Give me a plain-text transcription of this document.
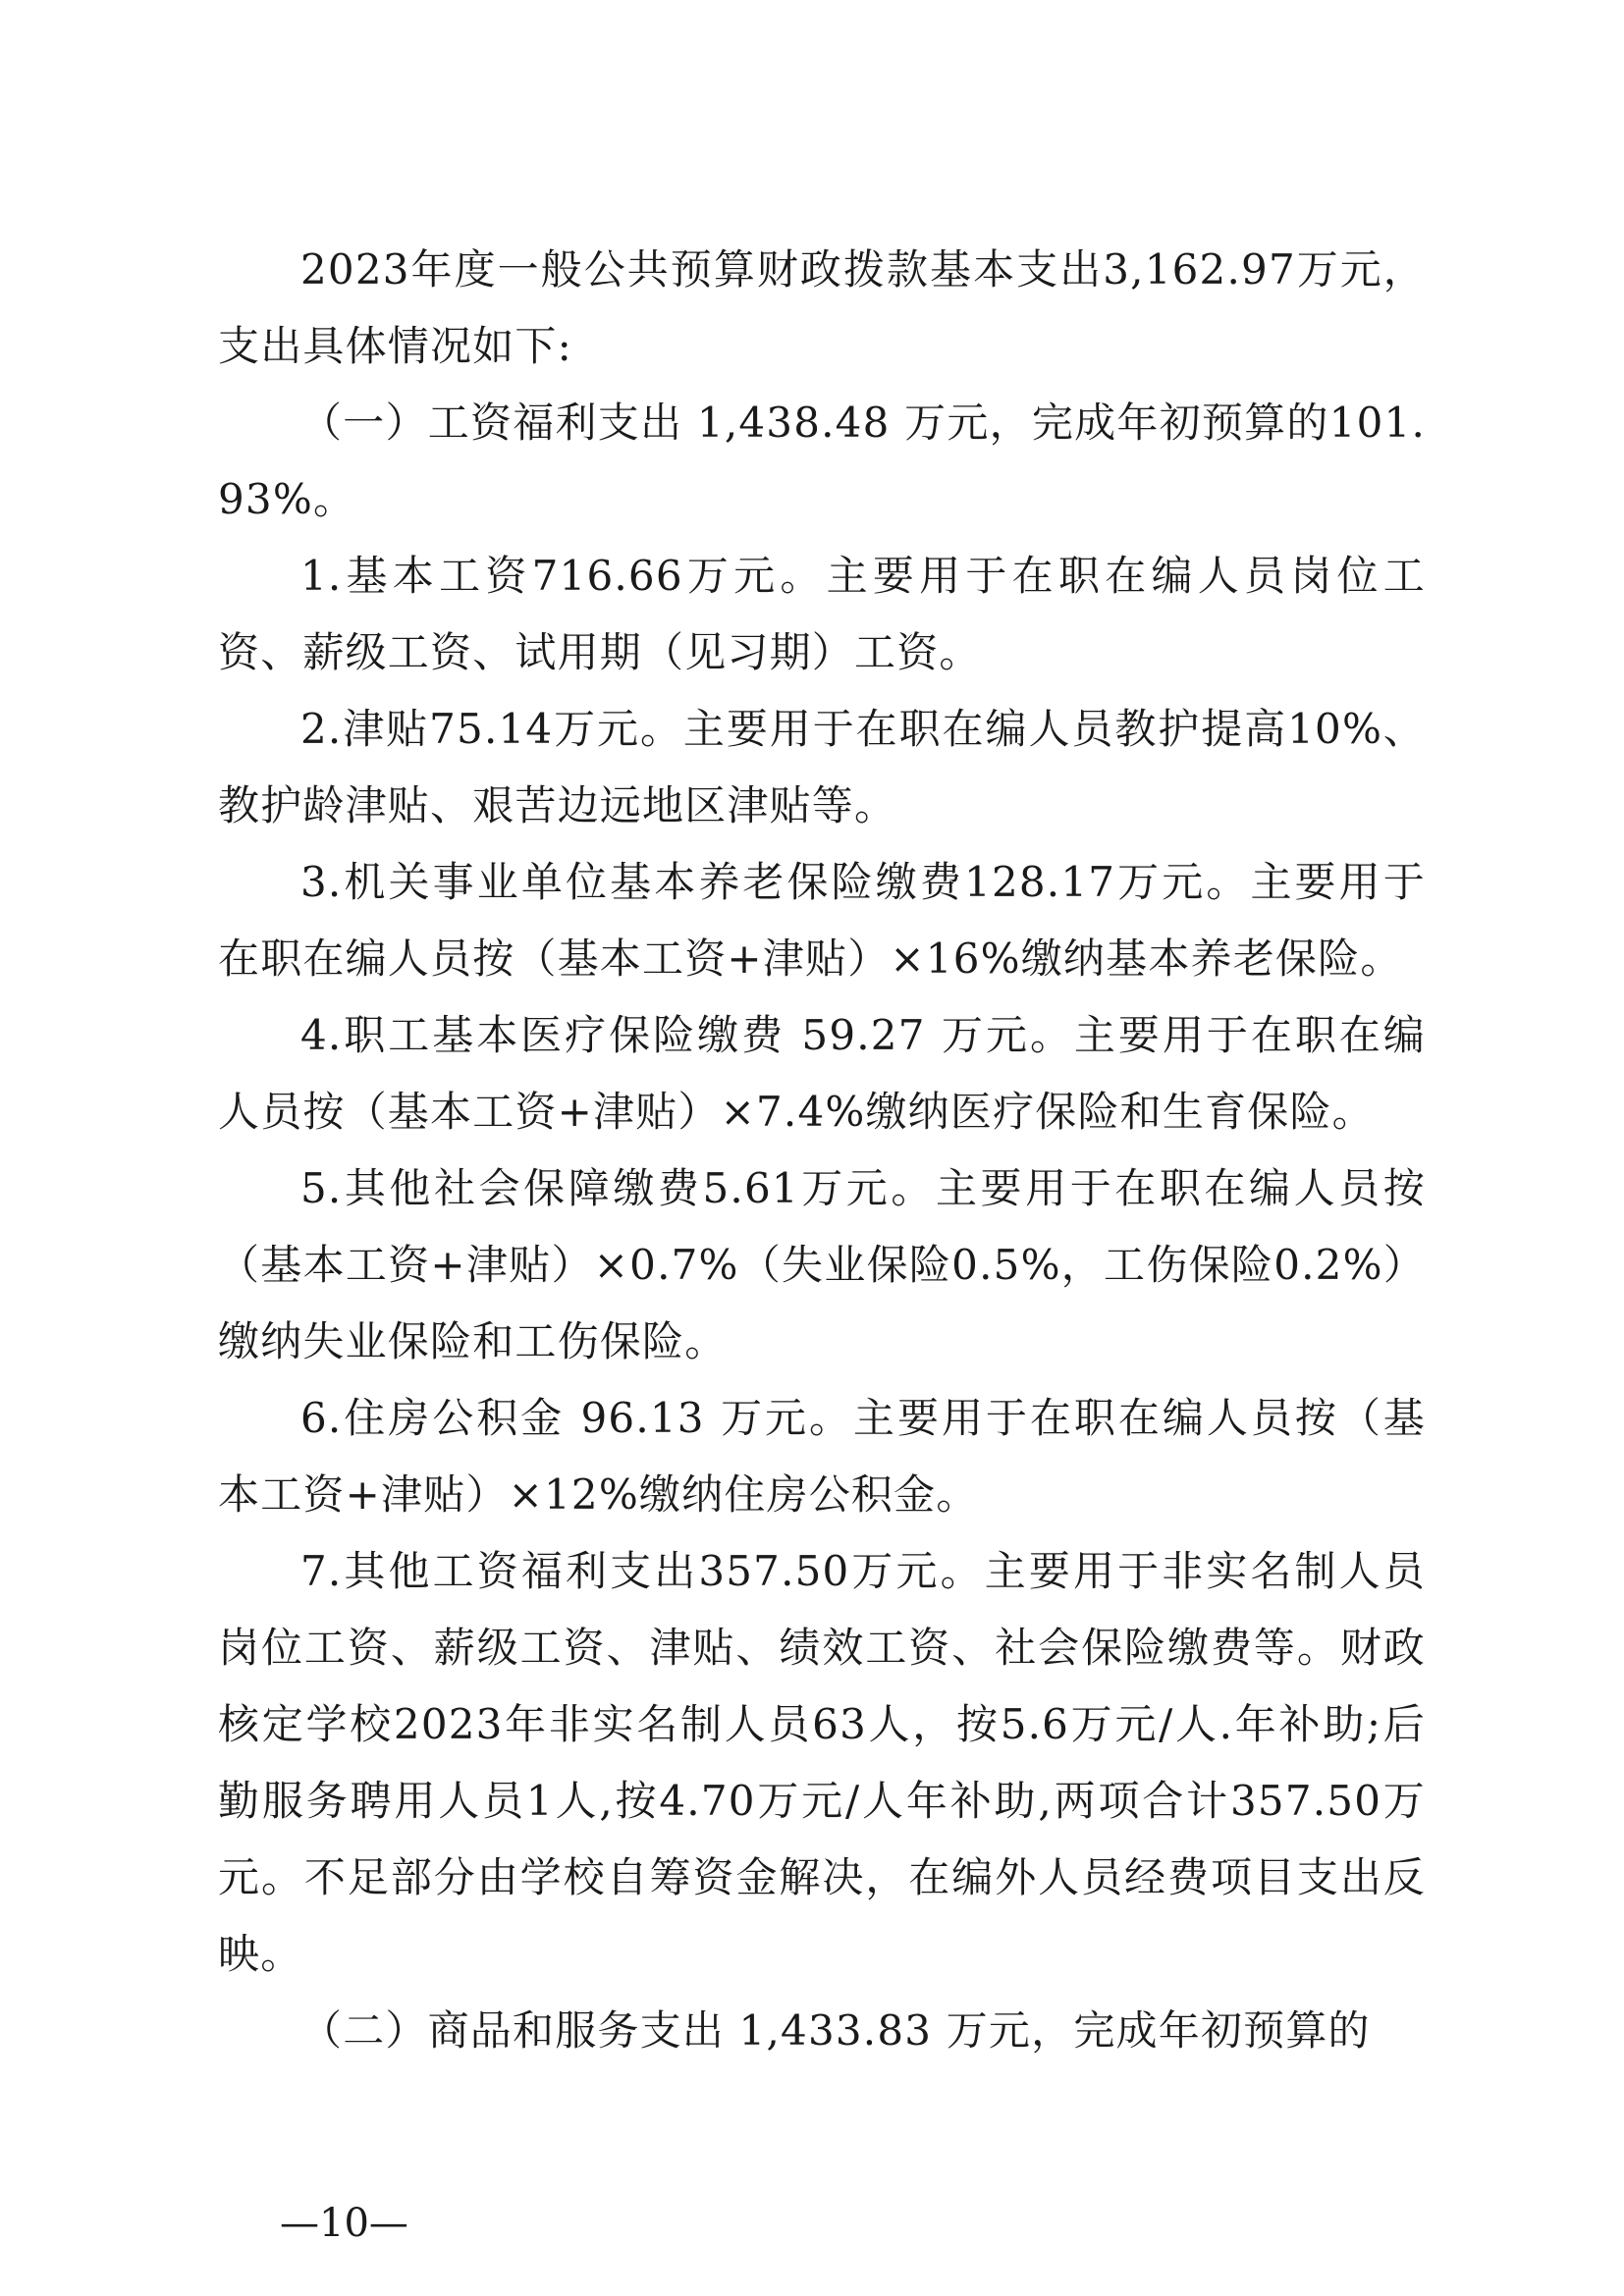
2023年度一般公共预算财政拨款基本支出3,162.97万元，支出具体情况如下:

（一）工资福利支出 1,438.48 万元，完成年初预算的101.93%。

1.基本工资716.66万元。主要用于在职在编人员岗位工资、薪级工资、试用期（见习期）工资。

2.津贴75.14万元。主要用于在职在编人员教护提高10%、教护龄津贴、艰苦边远地区津贴等。

3.机关事业单位基本养老保险缴费128.17万元。主要用于在职在编人员按（基本工资+津贴）×16%缴纳基本养老保险。

4.职工基本医疗保险缴费 59.27 万元。主要用于在职在编人员按（基本工资+津贴）×7.4%缴纳医疗保险和生育保险。

5.其他社会保障缴费5.61万元。主要用于在职在编人员按（基本工资+津贴）×0.7%（失业保险0.5%，工伤保险0.2%）缴纳失业保险和工伤保险。

6.住房公积金 96.13 万元。主要用于在职在编人员按（基本工资+津贴）×12%缴纳住房公积金。

7.其他工资福利支出357.50万元。主要用于非实名制人员岗位工资、薪级工资、津贴、绩效工资、社会保险缴费等。财政核定学校2023年非实名制人员63人，按5.6万元/人.年补助;后勤服务聘用人员1人,按4.70万元/人年补助,两项合计357.50万元。不足部分由学校自筹资金解决，在编外人员经费项目支出反映。

（二）商品和服务支出 1,433.83 万元，完成年初预算的

—10—
